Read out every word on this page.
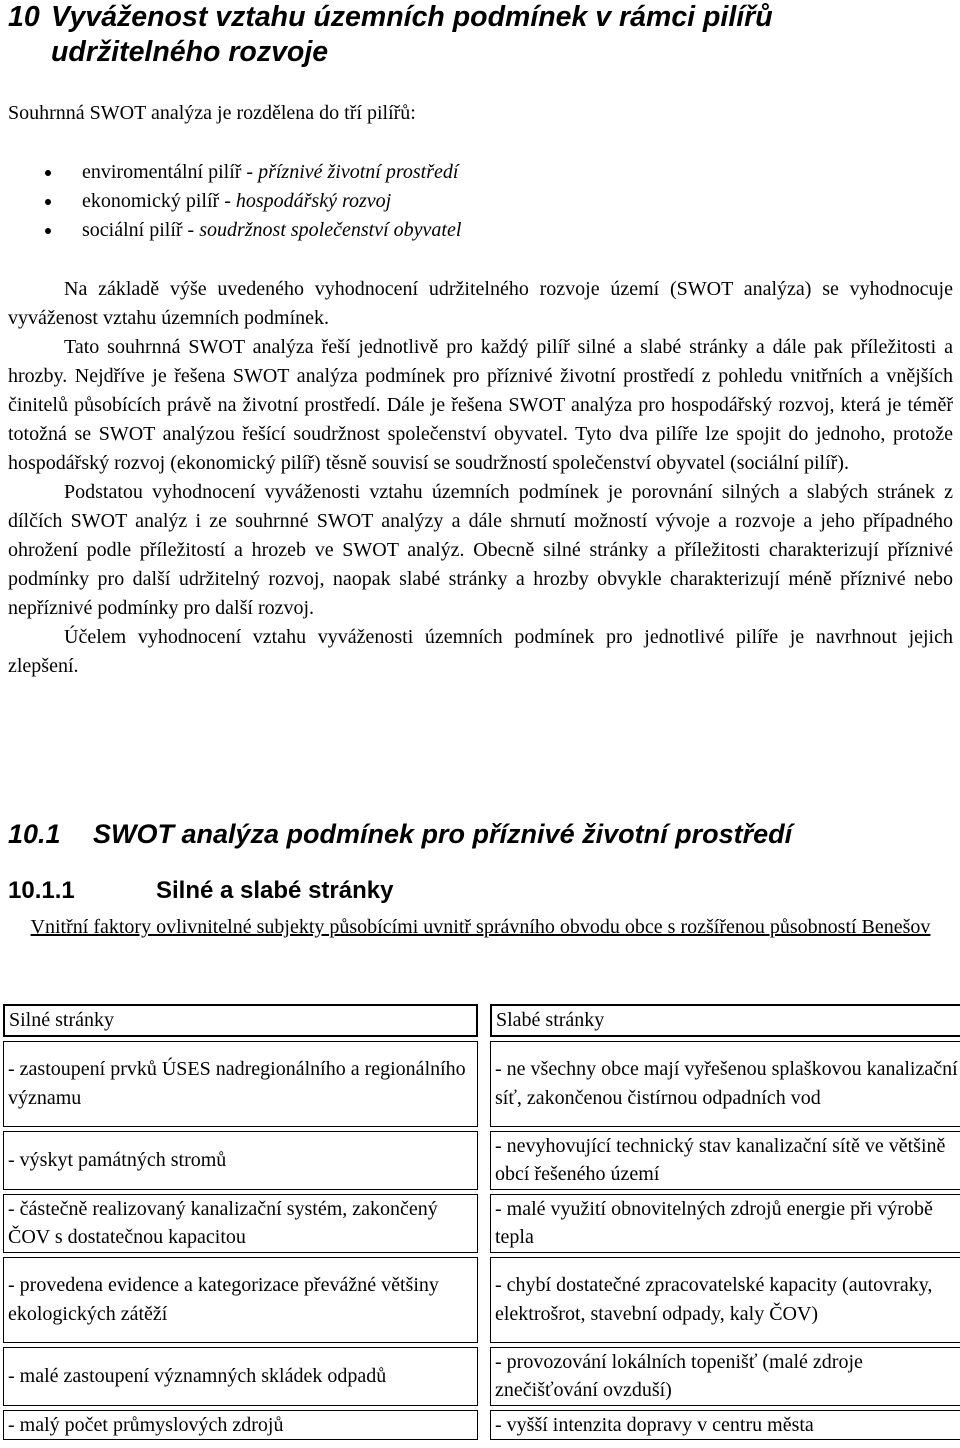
10 Vyváženost vztahu územních podmínek v rámci pilířů
udržitelného rozvoje

Souhrnná SWOT analýza je rozdělena do tří pilířů:

enviromentální pilíř - příznivé životní prostředí
ekonomický pilíř - hospodářský rozvoj
sociální pilíř - soudržnost společenství obyvatel

Na základě výše uvedeného vyhodnocení udržitelného rozvoje území (SWOT analýza) se vyhodnocuje vyváženost vztahu územních podmínek.

Tato souhrnná SWOT analýza řeší jednotlivě pro každý pilíř silné a slabé stránky a dále pak příležitosti a hrozby. Nejdříve je řešena SWOT analýza podmínek pro příznivé životní prostředí z pohledu vnitřních a vnějších činitelů působících právě na životní prostředí. Dále je řešena SWOT analýza pro hospodářský rozvoj, která je téměř totožná se SWOT analýzou řešící soudržnost společenství obyvatel. Tyto dva pilíře lze spojit do jednoho, protože hospodářský rozvoj (ekonomický pilíř) těsně souvisí se soudržností společenství obyvatel (sociální pilíř).

Podstatou vyhodnocení vyváženosti vztahu územních podmínek je porovnání silných a slabých stránek z dílčích SWOT analýz i ze souhrnné SWOT analýzy a dále shrnutí možností vývoje a rozvoje a jeho případného ohrožení podle příležitostí a hrozeb ve SWOT analýz. Obecně silné stránky a příležitosti charakterizují příznivé podmínky pro další udržitelný rozvoj, naopak slabé stránky a hrozby obvykle charakterizují méně příznivé nebo nepříznivé podmínky pro další rozvoj.

Účelem vyhodnocení vztahu vyváženosti územních podmínek pro jednotlivé pilíře je navrhnout jejich zlepšení.

10.1 SWOT analýza podmínek pro příznivé životní prostředí
10.1.1	Silné a slabé stránky
Vnitřní faktory ovlivnitelné subjekty působícími uvnitř správního obvodu obce s rozšířenou působností Benešov
Silné stránky	Slabé stránky
- zastoupení prvků ÚSES nadregionálního a regionálního významu	- ne všechny obce mají vyřešenou splaškovou kanalizační síť, zakončenou čistírnou odpadních vod
- výskyt památných stromů	- nevyhovující technický stav kanalizační sítě ve většině obcí řešeného území
- částečně realizovaný kanalizační systém, zakončený ČOV s dostatečnou kapacitou	- malé využití obnovitelných zdrojů energie při výrobě tepla
- provedena evidence a kategorizace převážné většiny ekologických zátěží	- chybí dostatečné zpracovatelské kapacity (autovraky, elektrošrot, stavební odpady, kaly ČOV)
- malé zastoupení významných skládek odpadů	- provozování lokálních topenišť (malé zdroje znečišťování ovzduší)
- malý počet průmyslových zdrojů	- vyšší intenzita dopravy v centru města
